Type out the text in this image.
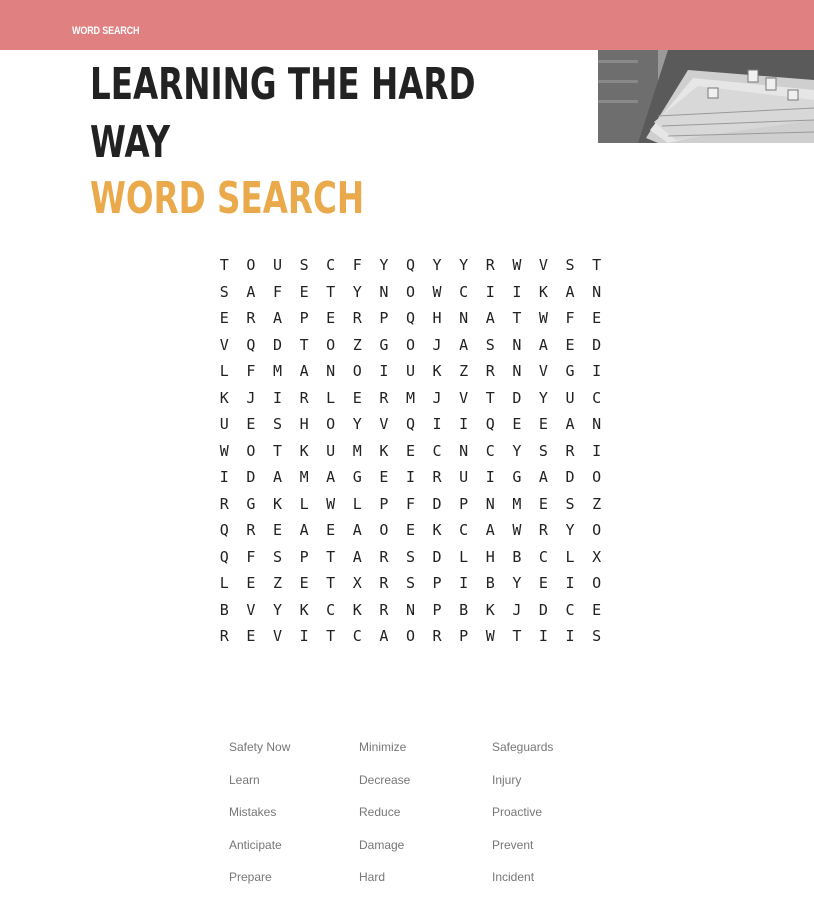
WORD SEARCH
LEARNING THE HARD
WAY
WORD SEARCH
T	O	U	S	C	F	Y	Q	Y	Y	R	W	V	S	T
S	A	F	E	T	Y	N	O	W	C	I	I	K	A	N
E	R	A	P	E	R	P	Q	H	N	A	T	W	F	E
V	Q	D	T	O	Z	G	O	J	A	S	N	A	E	D
L	F	M	A	N	O	I	U	K	Z	R	N	V	G	I
K	J	I	R	L	E	R	M	J	V	T	D	Y	U	C
U	E	S	H	O	Y	V	Q	I	I	Q	E	E	A	N
W	O	T	K	U	M	K	E	C	N	C	Y	S	R	I
I	D	A	M	A	G	E	I	R	U	I	G	A	D	O
R	G	K	L	W	L	P	F	D	P	N	M	E	S	Z
Q	R	E	A	E	A	O	E	K	C	A	W	R	Y	O
Q	F	S	P	T	A	R	S	D	L	H	B	C	L	X
L	E	Z	E	T	X	R	S	P	I	B	Y	E	I	O
B	V	Y	K	C	K	R	N	P	B	K	J	D	C	E
R	E	V	I	T	C	A	O	R	P	W	T	I	I	S
Safety Now	Minimize	Safeguards
Learn	Decrease	Injury
Mistakes	Reduce	Proactive
Anticipate	Damage	Prevent
Prepare	Hard	Incident
